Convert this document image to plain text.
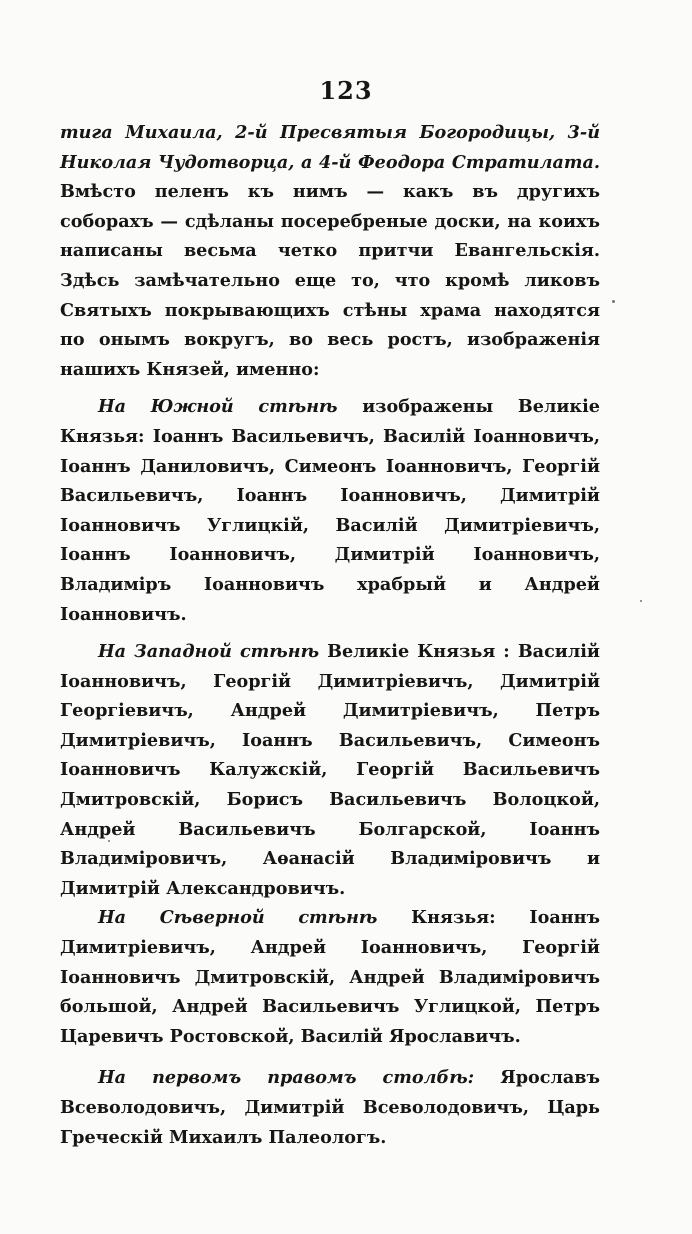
123

тига Михаила, 2-й Пресвятыя Богородицы, 3-й Николая Чудотворца, а 4-й Феодора Стратилата. Вмѣсто пеленъ къ нимъ — какъ въ другихъ соборахъ — сдѣланы посеребреные доски, на коихъ написаны весьма четко притчи Евангельскія. Здѣсь замѣчательно еще то, что кромѣ ликовъ Святыхъ покрывающихъ стѣны храма находятся по онымъ вокругъ, во весь ростъ, изображенія нашихъ Князей, именно:

На Южной стѣнѣ изображены Великіе Князья: Іоаннъ Васильевичъ, Василій Іоанновичъ, Іоаннъ Даниловичъ, Симеонъ Іоанновичъ, Георгій Васильевичъ, Іоаннъ Іоанновичъ, Димитрій Іоанновичъ Углицкій, Василій Димитріевичъ, Іоаннъ Іоанновичъ, Димитрій Іоанновичъ, Владиміръ Іоанновичъ храбрый и Андрей Іоанновичъ.

На Западной стѣнѣ Великіе Князья : Василій Іоанновичъ, Георгій Димитріевичъ, Димитрій Георгіевичъ, Андрей Димитріевичъ, Петръ Димитріевичъ, Іоаннъ Васильевичъ, Симеонъ Іоанновичъ Калужскій, Георгій Васильевичъ Дмитровскій, Борисъ Васильевичъ Волоцкой, Андрей Васильевичъ Болгарской, Іоаннъ Владиміровичъ, Аѳанасій Владиміровичъ и Димитрій Александровичъ.

На Сѣверной стѣнѣ Князья: Іоаннъ Димитріевичъ, Андрей Іоанновичъ, Георгій Іоанновичъ Дмитровскій, Андрей Владиміровичъ большой, Андрей Васильевичъ Углицкой, Петръ Царевичъ Ростовской, Василій Ярославичъ.

На первомъ правомъ столбѣ: Ярославъ Всеволодовичъ, Димитрій Всеволодовичъ, Царь Греческій Михаилъ Палеологъ.
